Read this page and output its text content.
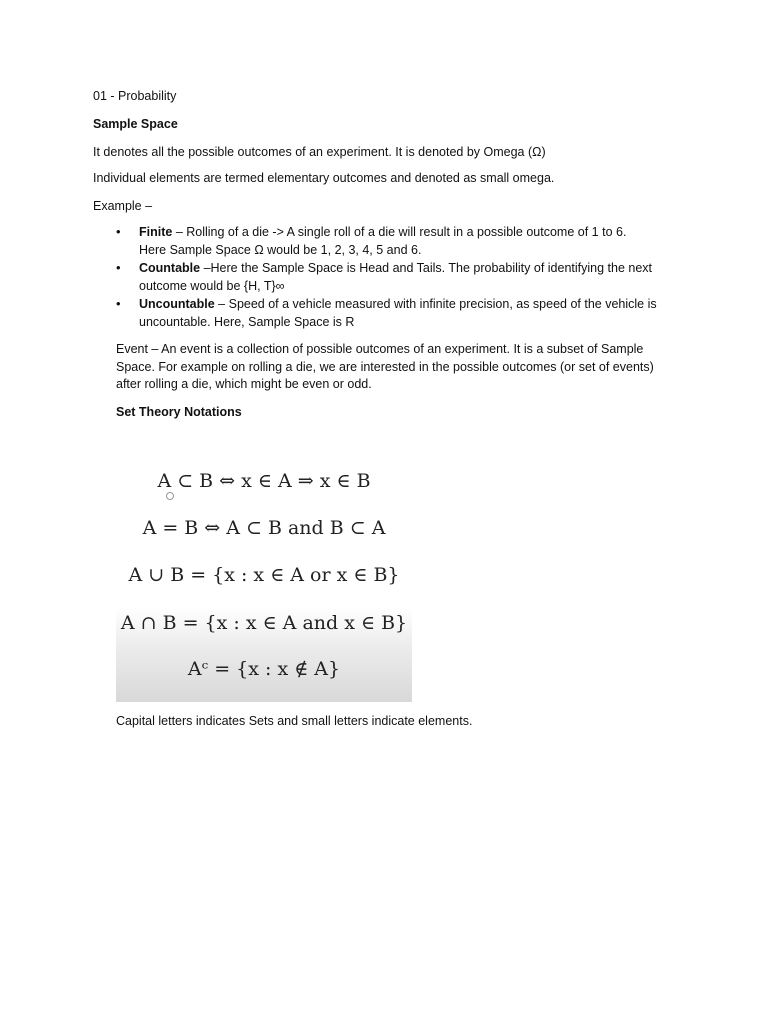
01 - Probability
Sample Space
It denotes all the possible outcomes of an experiment. It is denoted by Omega (Ω)
Individual elements are termed elementary outcomes and denoted as small omega.
Example –
• Finite – Rolling of a die -> A single roll of a die will result in a possible outcome of 1 to 6.
Here Sample Space Ω would be 1, 2, 3, 4, 5 and 6.
• Countable –Here the Sample Space is Head and Tails. The probability of identifying the next
outcome would be {H, T}∞
• Uncountable – Speed of a vehicle measured with infinite precision, as speed of the vehicle is
uncountable. Here, Sample Space is R
Event – An event is a collection of possible outcomes of an experiment. It is a subset of Sample Space. For example on rolling a die, we are interested in the possible outcomes (or set of events) after rolling a die, which might be even or odd.
Set Theory Notations
A ⊂ B ⇔ x ∈ A ⇒ x ∈ B
A = B ⇔ A ⊂ B and B ⊂ A
A ∪ B = {x : x ∈ A or x ∈ B}
A ∩ B = {x : x ∈ A and x ∈ B}
Aᶜ = {x : x ∉ A}
Capital letters indicates Sets and small letters indicate elements.
